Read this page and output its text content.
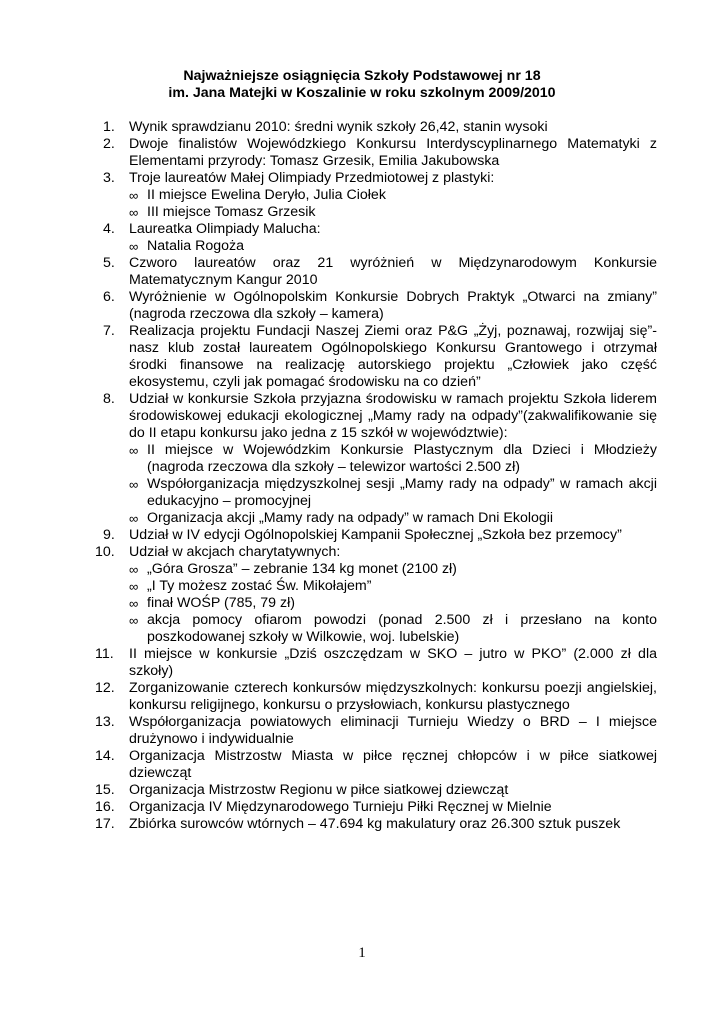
Najważniejsze osiągnięcia Szkoły Podstawowej nr 18
im. Jana Matejki w Koszalinie w roku szkolnym 2009/2010
1. Wynik sprawdzianu 2010: średni wynik szkoły 26,42, stanin wysoki
2. Dwoje finalistów Wojewódzkiego Konkursu Interdyscyplinarnego Matematyki z Elementami przyrody: Tomasz Grzesik, Emilia Jakubowska
3. Troje laureatów Małej Olimpiady Przedmiotowej z plastyki:
∞ II miejsce Ewelina Deryło, Julia Ciołek
∞ III miejsce Tomasz Grzesik
4. Laureatka Olimpiady Malucha:
∞ Natalia Rogoża
5. Czworo laureatów oraz 21 wyróżnień w Międzynarodowym Konkursie Matematycznym Kangur 2010
6. Wyróżnienie w Ogólnopolskim Konkursie Dobrych Praktyk „Otwarci na zmiany” (nagroda rzeczowa dla szkoły – kamera)
7. Realizacja projektu Fundacji Naszej Ziemi oraz P&G „Żyj, poznawaj, rozwijaj się”- nasz klub został laureatem Ogólnopolskiego Konkursu Grantowego i otrzymał środki finansowe na realizację autorskiego projektu „Człowiek jako część ekosystemu, czyli jak pomagać środowisku na co dzień”
8. Udział w konkursie Szkoła przyjazna środowisku w ramach projektu Szkoła liderem środowiskowej edukacji ekologicznej „Mamy rady na odpady”(zakwalifikowanie się do II etapu konkursu jako jedna z 15 szkół w województwie):
∞ II miejsce w Wojewódzkim Konkursie Plastycznym dla Dzieci i Młodzieży (nagroda rzeczowa dla szkoły – telewizor wartości 2.500 zł)
∞ Współorganizacja międzyszkolnej sesji „Mamy rady na odpady” w ramach akcji edukacyjno – promocyjnej
∞ Organizacja akcji „Mamy rady na odpady” w ramach Dni Ekologii
9. Udział w IV edycji Ogólnopolskiej Kampanii Społecznej „Szkoła bez przemocy”
10. Udział w akcjach charytatywnych:
∞ „Góra Grosza” – zebranie 134 kg monet (2100 zł)
∞ „I Ty możesz zostać Św. Mikołajem”
∞ finał WOŚP (785, 79 zł)
∞ akcja pomocy ofiarom powodzi (ponad 2.500 zł i przesłano na konto poszkodowanej szkoły w Wilkowie, woj. lubelskie)
11. II miejsce w konkursie „Dziś oszczędzam w SKO – jutro w PKO” (2.000 zł dla szkoły)
12. Zorganizowanie czterech konkursów międzyszkolnych: konkursu poezji angielskiej, konkursu religijnego, konkursu o przysłowiach, konkursu plastycznego
13. Współorganizacja powiatowych eliminacji Turnieju Wiedzy o BRD – I miejsce drużynowo i indywidualnie
14. Organizacja Mistrzostw Miasta w piłce ręcznej chłopców i w piłce siatkowej dziewcząt
15. Organizacja Mistrzostw Regionu w piłce siatkowej dziewcząt
16. Organizacja IV Międzynarodowego Turnieju Piłki Ręcznej w Mielnie
17. Zbiórka surowców wtórnych – 47.694 kg makulatury oraz 26.300 sztuk puszek
1
